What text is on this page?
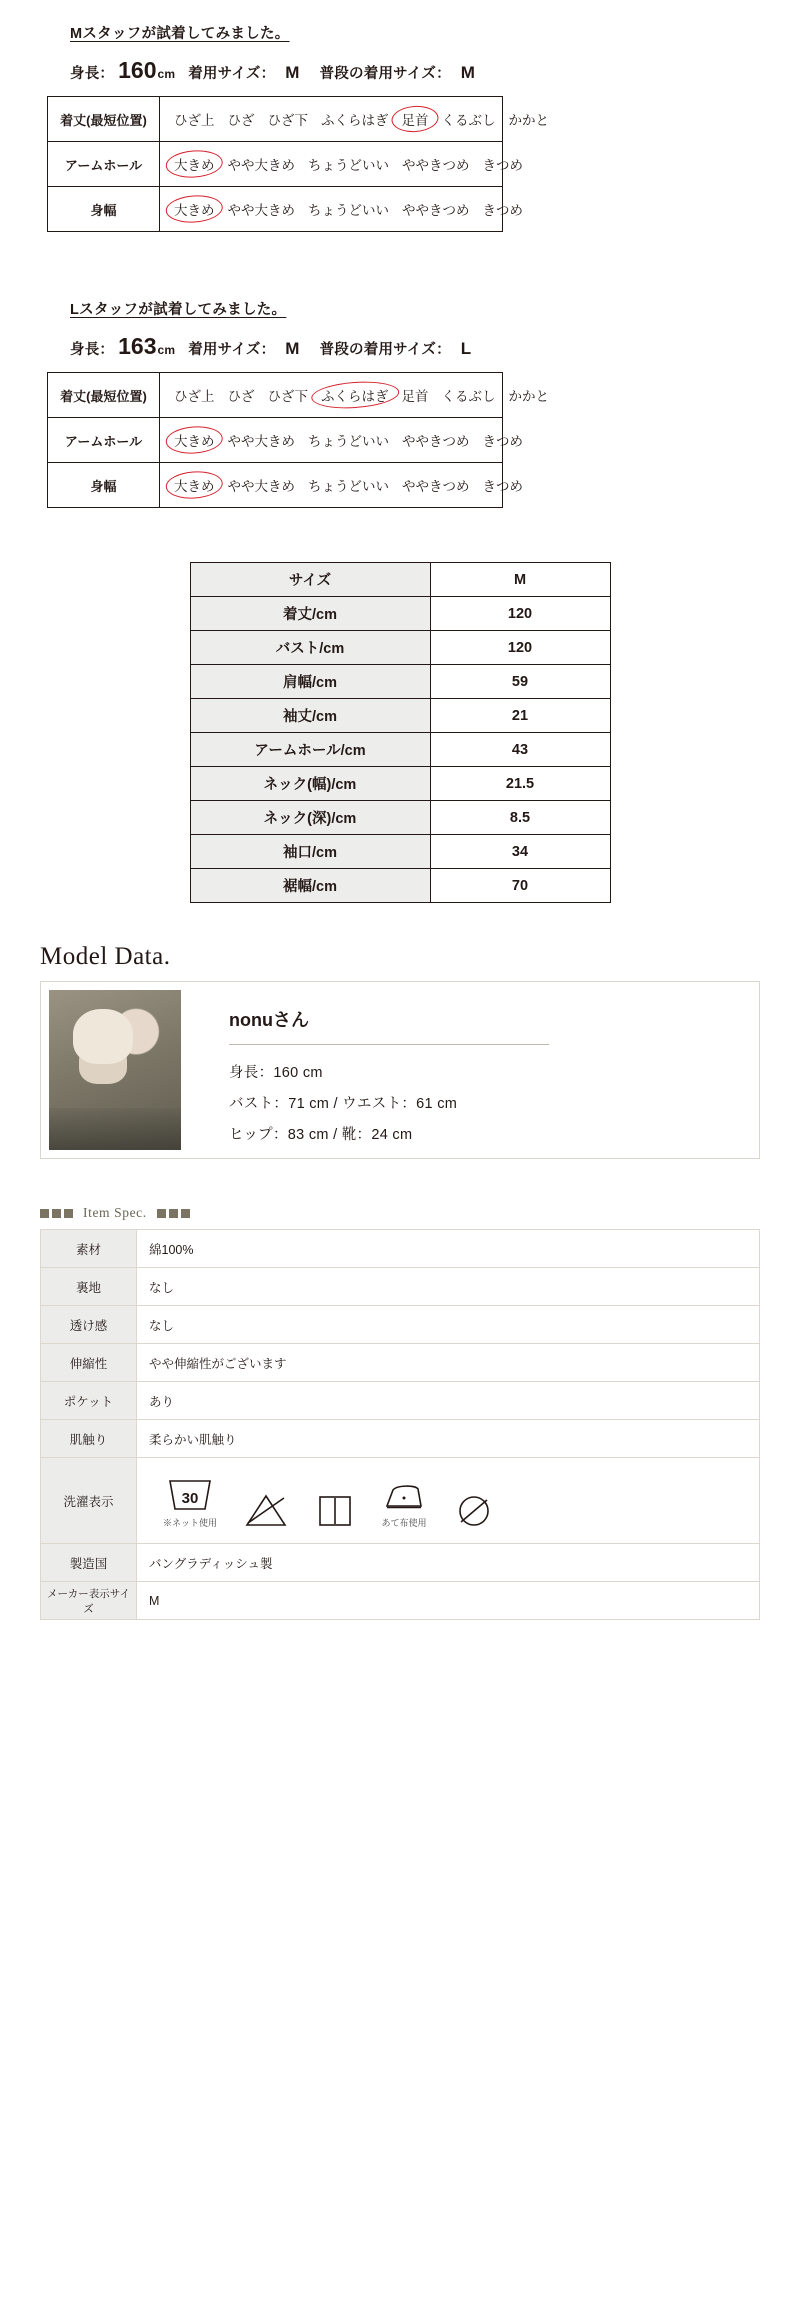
Mスタッフが試着してみました。
身長： 160 cm 着用サイズ： M 普段の着用サイズ： M
着丈(最短位置)	ひざ上 ひざ ひざ下 ふくらはぎ 足首 くるぶし かかと

アームホール	大きめ やや大きめ ちょうどいい ややきつめ きつめ

身幅	大きめ やや大きめ ちょうどいい ややきつめ きつめ
Lスタッフが試着してみました。
身長： 163 cm 着用サイズ： M 普段の着用サイズ： L
着丈(最短位置)	ひざ上 ひざ ひざ下 ふくらはぎ 足首 くるぶし かかと

アームホール	大きめ やや大きめ ちょうどいい ややきつめ きつめ

身幅	大きめ やや大きめ ちょうどいい ややきつめ きつめ
サイズ	M
着丈/cm	120
バスト/cm	120
肩幅/cm	59
袖丈/cm	21
アームホール/cm	43
ネック(幅)/cm	21.5
ネック(深)/cm	8.5
袖口/cm	34
裾幅/cm	70
Model Data.
nonuさん
身長：160 cm
バスト：71 cm / ウエスト：61 cm
ヒップ：83 cm / 靴：24 cm
Item Spec.
素材	綿100%
裏地	なし
透け感	なし
伸縮性	やや伸縮性がございます
ポケット	あり
肌触り	柔らかい肌触り
洗濯表示	30
※ネット使用 あて布使用

製造国	バングラディッシュ製
メーカー表示サイズ	M
